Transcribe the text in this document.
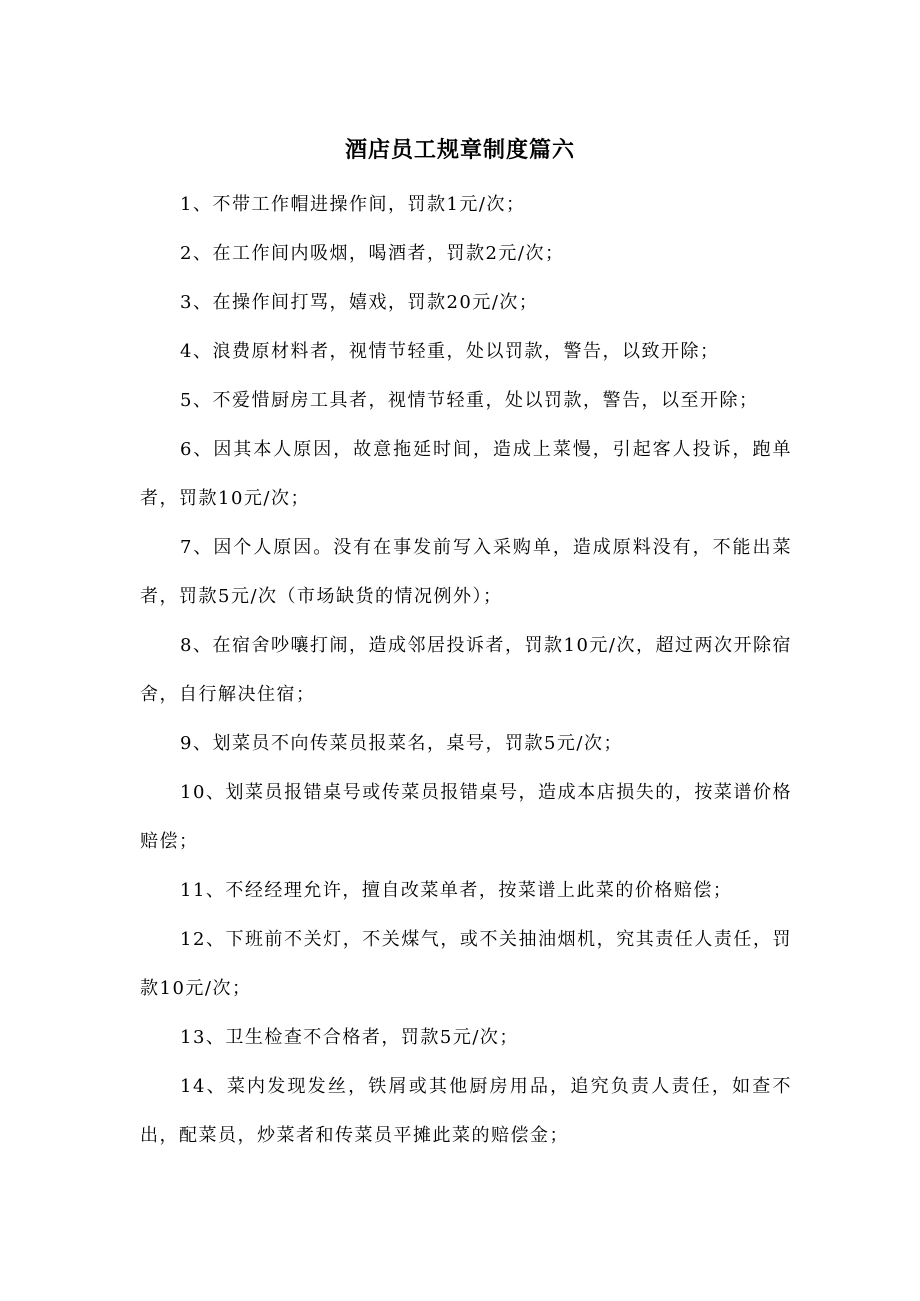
酒店员工规章制度篇六

1、不带工作帽进操作间，罚款1元/次；

2、在工作间内吸烟，喝酒者，罚款2元/次；

3、在操作间打骂，嬉戏，罚款20元/次；

4、浪费原材料者，视情节轻重，处以罚款，警告，以致开除；

5、不爱惜厨房工具者，视情节轻重，处以罚款，警告，以至开除；

6、因其本人原因，故意拖延时间，造成上菜慢，引起客人投诉，跑单者，罚款10元/次；

7、因个人原因。没有在事发前写入采购单，造成原料没有，不能出菜者，罚款5元/次（市场缺货的情况例外）；

8、在宿舍吵嚷打闹，造成邻居投诉者，罚款10元/次，超过两次开除宿舍，自行解决住宿；

9、划菜员不向传菜员报菜名，桌号，罚款5元/次；

10、划菜员报错桌号或传菜员报错桌号，造成本店损失的，按菜谱价格赔偿；

11、不经经理允许，擅自改菜单者，按菜谱上此菜的价格赔偿；

12、下班前不关灯，不关煤气，或不关抽油烟机，究其责任人责任，罚款10元/次；

13、卫生检查不合格者，罚款5元/次；

14、菜内发现发丝，铁屑或其他厨房用品，追究负责人责任，如查不出，配菜员，炒菜者和传菜员平摊此菜的赔偿金；
